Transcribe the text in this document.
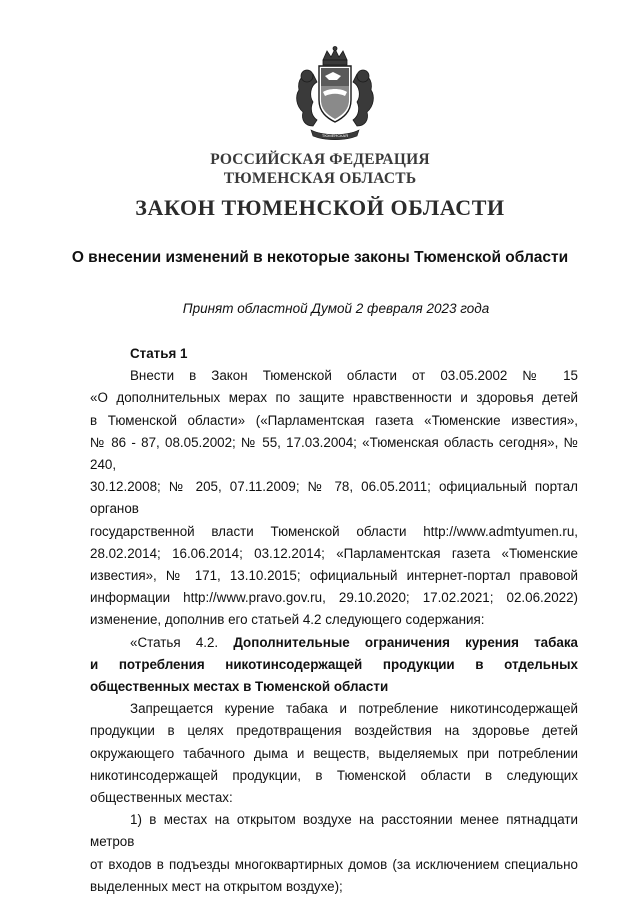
ТЮМЕНСКАЯ
РОССИЙСКАЯ ФЕДЕРАЦИЯ
ТЮМЕНСКАЯ ОБЛАСТЬ
ЗАКОН ТЮМЕНСКОЙ ОБЛАСТИ
О внесении изменений в некоторые законы Тюменской области
Принят областной Думой 2 февраля 2023 года

Статья 1

Внести в Закон Тюменской области от 03.05.2002 № 15

«О дополнительных мерах по защите нравственности и здоровья детей

в Тюменской области» («Парламентская газета «Тюменские известия»,

№ 86 - 87, 08.05.2002; № 55, 17.03.2004; «Тюменская область сегодня», № 240,

30.12.2008; № 205, 07.11.2009; № 78, 06.05.2011; официальный портал органов

государственной власти Тюменской области http://www.admtyumen.ru,

28.02.2014; 16.06.2014; 03.12.2014; «Парламентская газета «Тюменские

известия», № 171, 13.10.2015; официальный интернет-портал правовой

информации http://www.pravo.gov.ru, 29.10.2020; 17.02.2021; 02.06.2022)

изменение, дополнив его статьей 4.2 следующего содержания:

«Статья 4.2. Дополнительные ограничения курения табака

и потребления никотинсодержащей продукции в отдельных

общественных местах в Тюменской области

Запрещается курение табака и потребление никотинсодержащей

продукции в целях предотвращения воздействия на здоровье детей

окружающего табачного дыма и веществ, выделяемых при потреблении

никотинсодержащей продукции, в Тюменской области в следующих

общественных местах:

1) в местах на открытом воздухе на расстоянии менее пятнадцати метров

от входов в подъезды многоквартирных домов (за исключением специально

выделенных мест на открытом воздухе);
